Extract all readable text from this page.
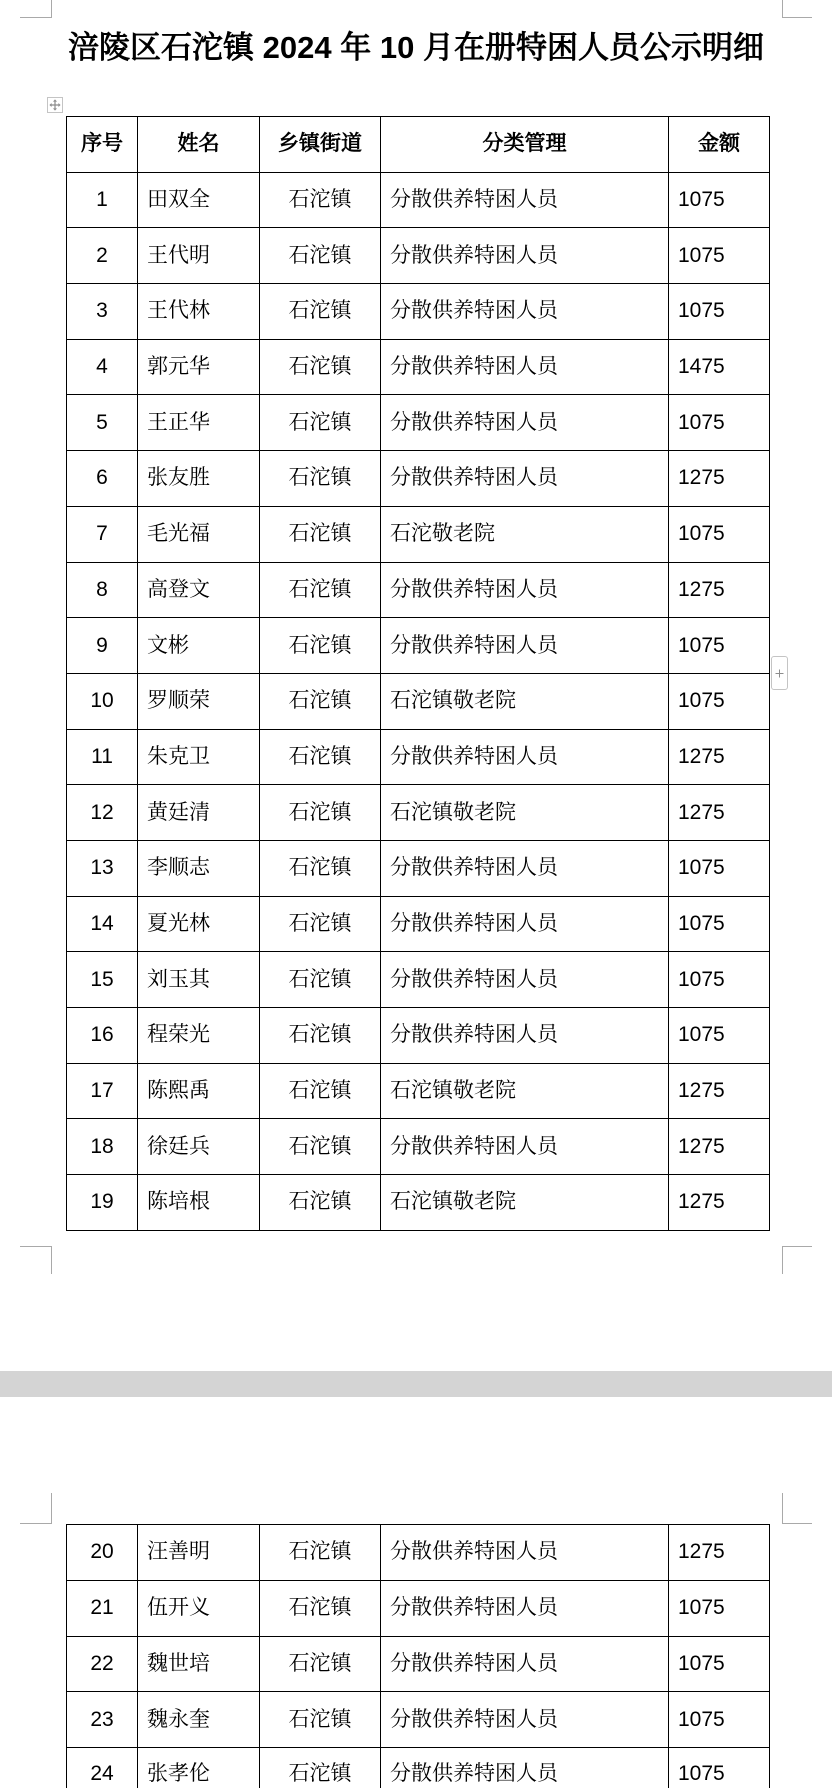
涪陵区石沱镇 2024 年 10 月在册特困人员公示明细
序号	姓名	乡镇街道	分类管理	金额
1	田双全	石沱镇	分散供养特困人员	1075
2	王代明	石沱镇	分散供养特困人员	1075
3	王代林	石沱镇	分散供养特困人员	1075
4	郭元华	石沱镇	分散供养特困人员	1475
5	王正华	石沱镇	分散供养特困人员	1075
6	张友胜	石沱镇	分散供养特困人员	1275
7	毛光福	石沱镇	石沱敬老院	1075
8	高登文	石沱镇	分散供养特困人员	1275
9	文彬	石沱镇	分散供养特困人员	1075
10	罗顺荣	石沱镇	石沱镇敬老院	1075
11	朱克卫	石沱镇	分散供养特困人员	1275
12	黄廷清	石沱镇	石沱镇敬老院	1275
13	李顺志	石沱镇	分散供养特困人员	1075
14	夏光林	石沱镇	分散供养特困人员	1075
15	刘玉其	石沱镇	分散供养特困人员	1075
16	程荣光	石沱镇	分散供养特困人员	1075
17	陈熙禹	石沱镇	石沱镇敬老院	1275
18	徐廷兵	石沱镇	分散供养特困人员	1275
19	陈培根	石沱镇	石沱镇敬老院	1275
20	汪善明	石沱镇	分散供养特困人员	1275
21	伍开义	石沱镇	分散供养特困人员	1075
22	魏世培	石沱镇	分散供养特困人员	1075
23	魏永奎	石沱镇	分散供养特困人员	1075
24	张孝伦	石沱镇	分散供养特困人员	1075
